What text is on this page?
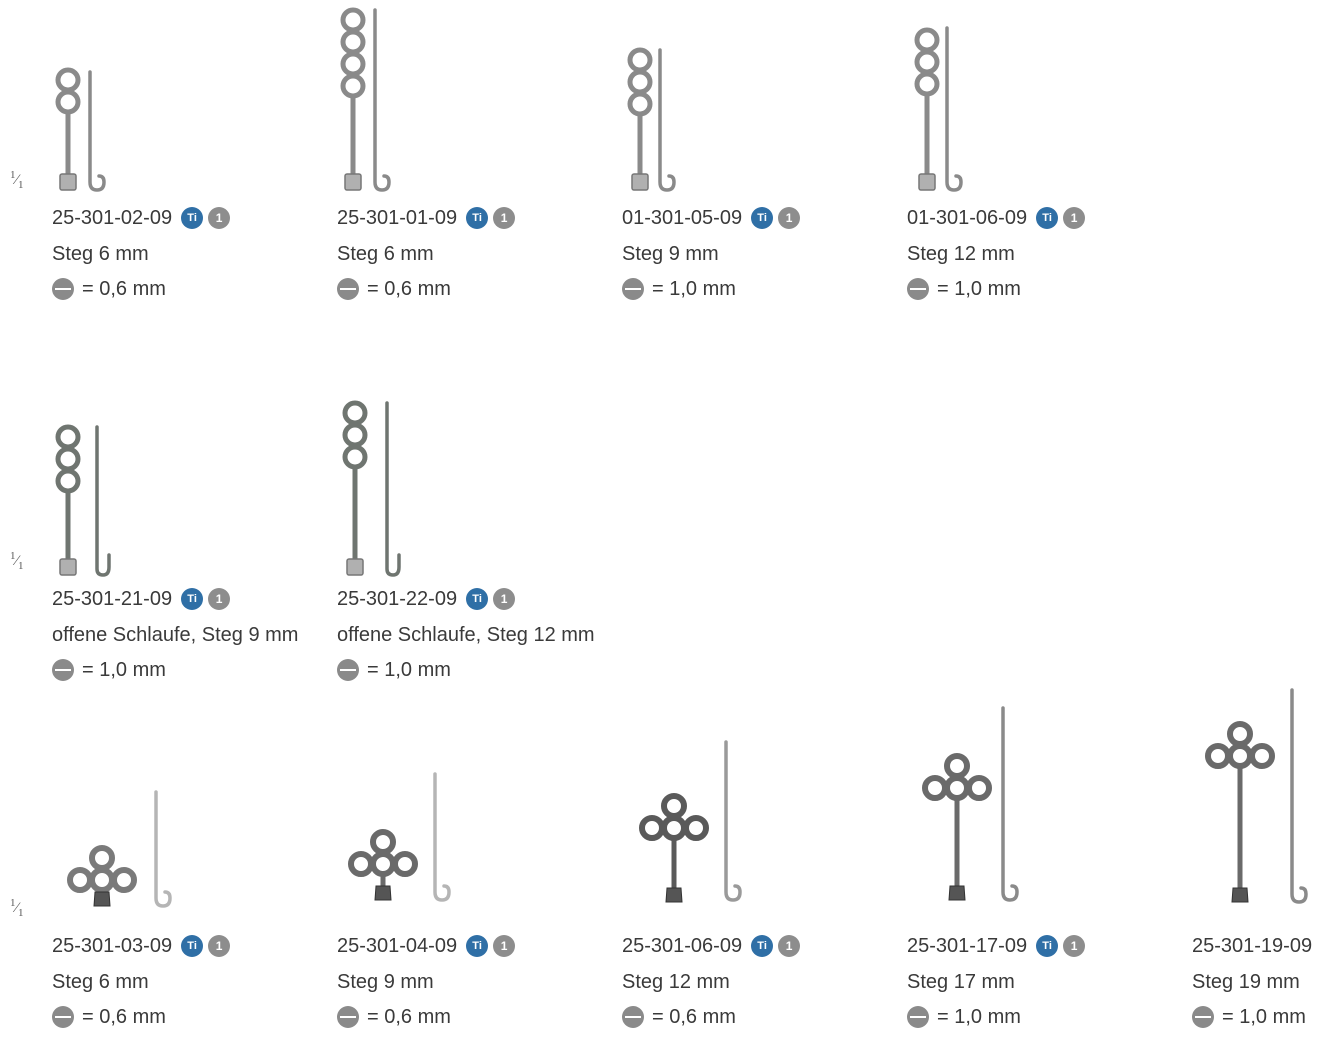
$^1⁄_1$
$^1⁄_1$
$^1⁄_1$
25-301-02-09	Ti	1
Steg 6 mm
= 0,6 mm
25-301-01-09	Ti	1
Steg 6 mm
= 0,6 mm
01-301-05-09	Ti	1
Steg 9 mm
= 1,0 mm
01-301-06-09	Ti	1
Steg 12 mm
= 1,0 mm
25-301-21-09	Ti	1
offene Schlaufe, Steg 9 mm
= 1,0 mm
25-301-22-09	Ti	1
offene Schlaufe, Steg 12 mm
= 1,0 mm
25-301-03-09	Ti	1
Steg 6 mm
= 0,6 mm
25-301-04-09	Ti	1
Steg 9 mm
= 0,6 mm
25-301-06-09	Ti	1
Steg 12 mm
= 0,6 mm
25-301-17-09	Ti	1
Steg 17 mm
= 1,0 mm
25-301-19-09
Steg 19 mm
= 1,0 mm
